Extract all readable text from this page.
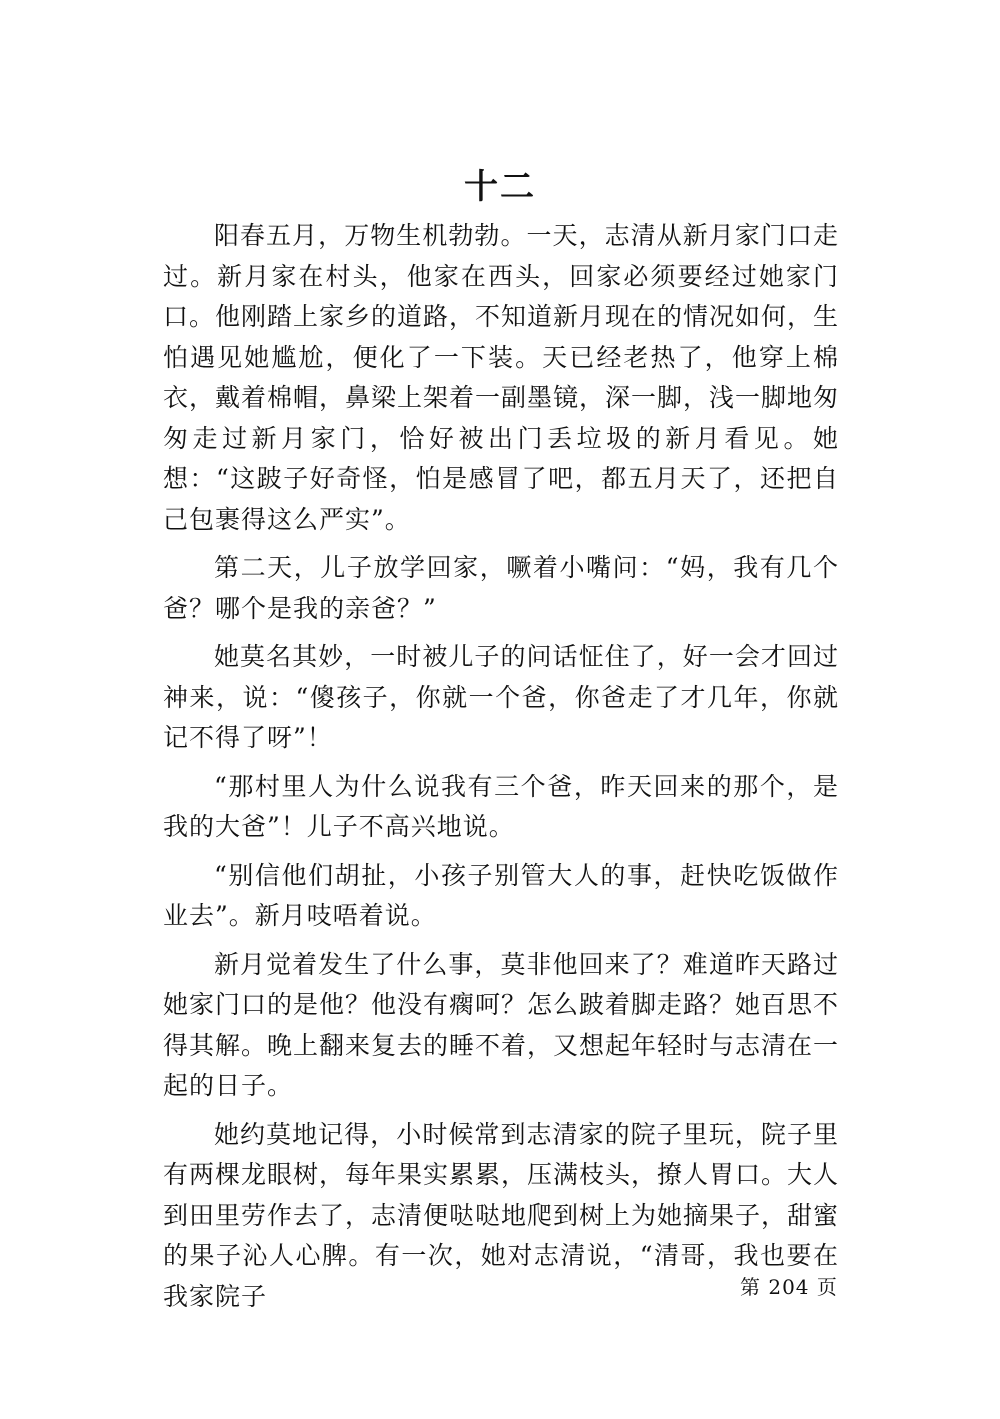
十二

阳春五月，万物生机勃勃。一天，志清从新月家门口走过。新月家在村头，他家在西头，回家必须要经过她家门口。他刚踏上家乡的道路，不知道新月现在的情况如何，生怕遇见她尴尬，便化了一下装。天已经老热了，他穿上棉衣，戴着棉帽，鼻梁上架着一副墨镜，深一脚，浅一脚地匆匆走过新月家门，恰好被出门丢垃圾的新月看见。她想：“这跛子好奇怪，怕是感冒了吧，都五月天了，还把自己包裹得这么严实”。

第二天，儿子放学回家，噘着小嘴问：“妈，我有几个爸？哪个是我的亲爸？”

她莫名其妙，一时被儿子的问话怔住了，好一会才回过神来，说：“傻孩子，你就一个爸，你爸走了才几年，你就记不得了呀”！

“那村里人为什么说我有三个爸，昨天回来的那个，是我的大爸”！儿子不高兴地说。

“别信他们胡扯，小孩子别管大人的事，赶快吃饭做作业去”。新月吱唔着说。

新月觉着发生了什么事，莫非他回来了？难道昨天路过她家门口的是他？他没有瘸呵？怎么跛着脚走路？她百思不得其解。晚上翻来复去的睡不着，又想起年轻时与志清在一起的日子。

她约莫地记得，小时候常到志清家的院子里玩，院子里有两棵龙眼树，每年果实累累，压满枝头，撩人胃口。大人到田里劳作去了，志清便哒哒地爬到树上为她摘果子，甜蜜的果子沁人心脾。有一次，她对志清说，“清哥，我也要在我家院子	第 204 页
